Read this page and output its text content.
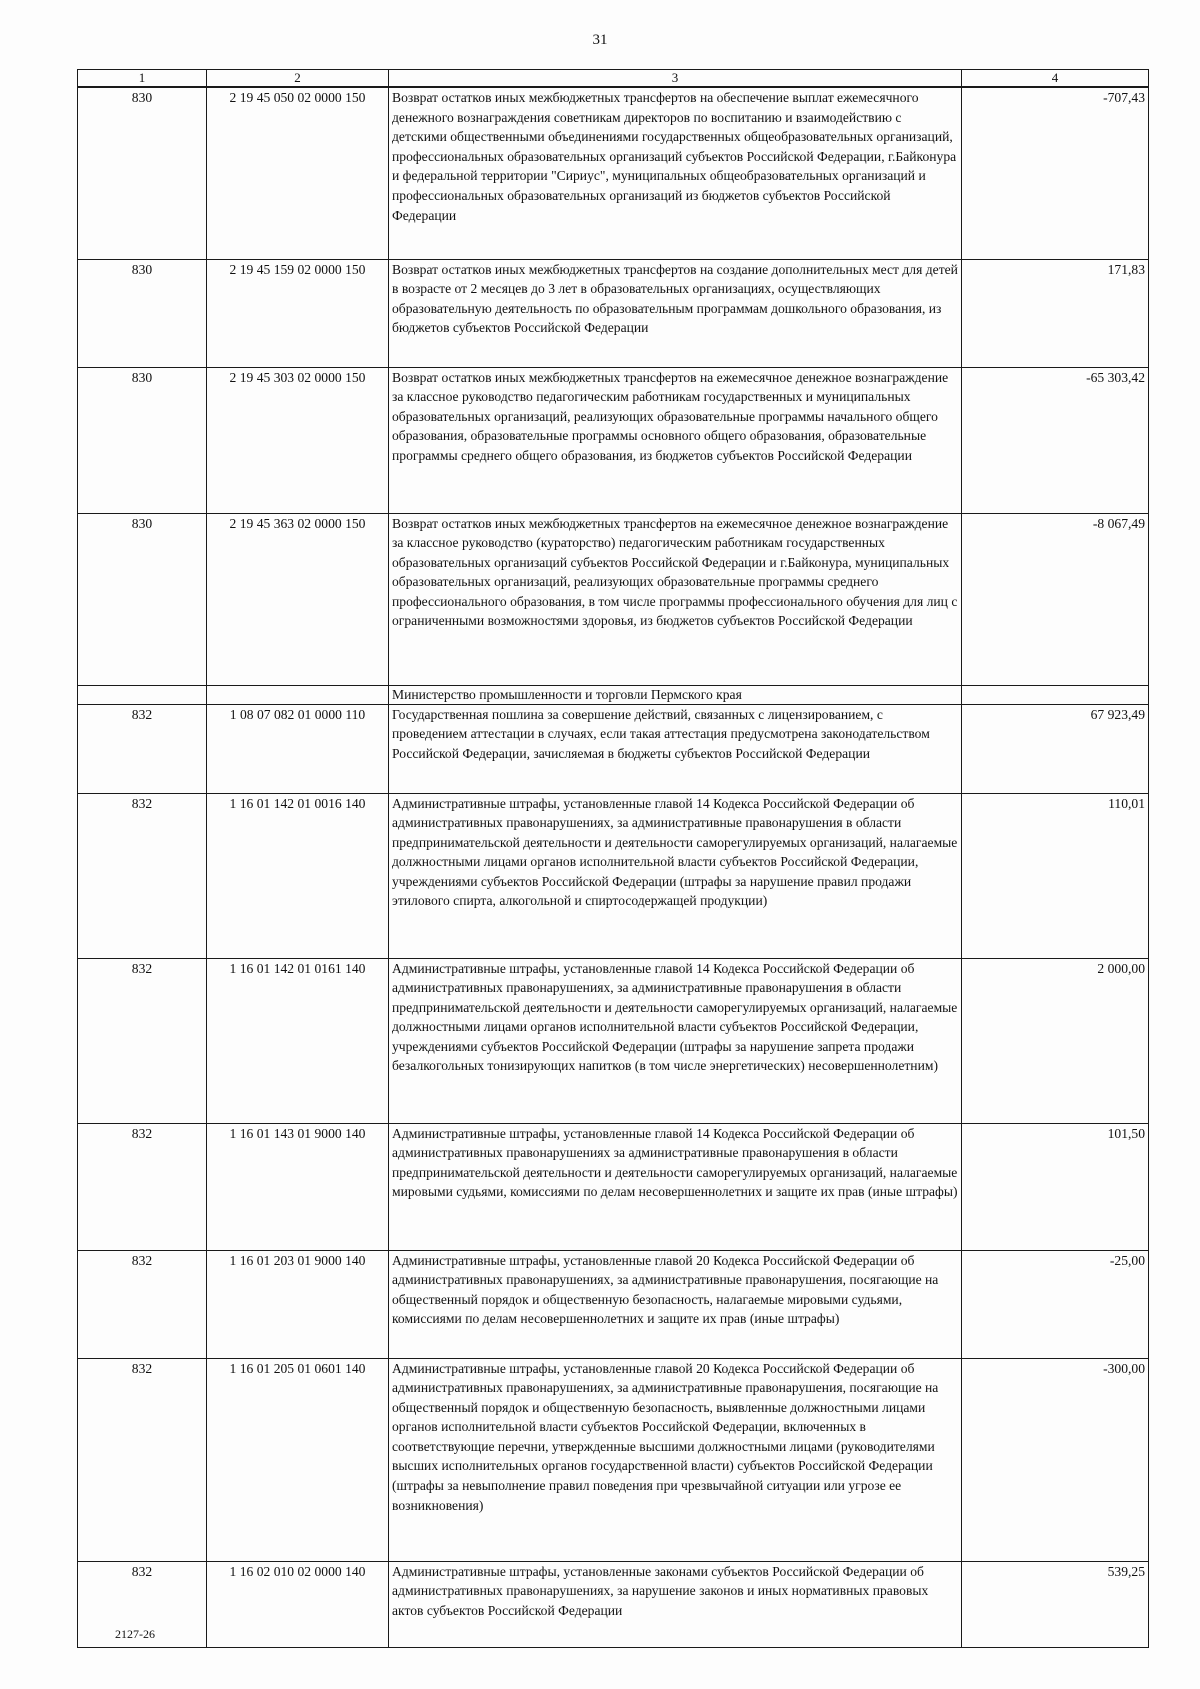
31
1	2	3	4
830	2 19 45 050 02 0000 150	Возврат остатков иных межбюджетных трансфертов на обеспечение выплат ежемесячного денежного вознаграждения советникам директоров по воспитанию и взаимодействию с детскими общественными объединениями государственных общеобразовательных организаций, профессиональных образовательных организаций субъектов Российской Федерации, г.Байконура и федеральной территории "Сириус", муниципальных общеобразовательных организаций и профессиональных образовательных организаций из бюджетов субъектов Российской Федерации	-707,43
830	2 19 45 159 02 0000 150	Возврат остатков иных межбюджетных трансфертов на создание дополнительных мест для детей в возрасте от 2 месяцев до 3 лет в образовательных организациях, осуществляющих образовательную деятельность по образовательным программам дошкольного образования, из бюджетов субъектов Российской Федерации	171,83
830	2 19 45 303 02 0000 150	Возврат остатков иных межбюджетных трансфертов на ежемесячное денежное вознаграждение за классное руководство педагогическим работникам государственных и муниципальных образовательных организаций, реализующих образовательные программы начального общего образования, образовательные программы основного общего образования, образовательные программы среднего общего образования, из бюджетов субъектов Российской Федерации	-65 303,42
830	2 19 45 363 02 0000 150	Возврат остатков иных межбюджетных трансфертов на ежемесячное денежное вознаграждение за классное руководство (кураторство) педагогическим работникам государственных образовательных организаций субъектов Российской Федерации и г.Байконура, муниципальных образовательных организаций, реализующих образовательные программы среднего профессионального образования, в том числе программы профессионального обучения для лиц с ограниченными возможностями здоровья, из бюджетов субъектов Российской Федерации	-8 067,49
		Министерство промышленности и торговли Пермского края	
832	1 08 07 082 01 0000 110	Государственная пошлина за совершение действий, связанных с лицензированием, с проведением аттестации в случаях, если такая аттестация предусмотрена законодательством Российской Федерации, зачисляемая в бюджеты субъектов Российской Федерации	67 923,49
832	1 16 01 142 01 0016 140	Административные штрафы, установленные главой 14 Кодекса Российской Федерации об административных правонарушениях, за административные правонарушения в области предпринимательской деятельности и деятельности саморегулируемых организаций, налагаемые должностными лицами органов исполнительной власти субъектов Российской Федерации, учреждениями субъектов Российской Федерации (штрафы за нарушение правил продажи этилового спирта, алкогольной и спиртосодержащей продукции)	110,01
832	1 16 01 142 01 0161 140	Административные штрафы, установленные главой 14 Кодекса Российской Федерации об административных правонарушениях, за административные правонарушения в области предпринимательской деятельности и деятельности саморегулируемых организаций, налагаемые должностными лицами органов исполнительной власти субъектов Российской Федерации, учреждениями субъектов Российской Федерации (штрафы за нарушение запрета продажи безалкогольных тонизирующих напитков (в том числе энергетических) несовершеннолетним)	2 000,00
832	1 16 01 143 01 9000 140	Административные штрафы, установленные главой 14 Кодекса Российской Федерации об административных правонарушениях за административные правонарушения в области предпринимательской деятельности и деятельности саморегулируемых организаций, налагаемые мировыми судьями, комиссиями по делам несовершеннолетних и защите их прав (иные штрафы)	101,50
832	1 16 01 203 01 9000 140	Административные штрафы, установленные главой 20 Кодекса Российской Федерации об административных правонарушениях, за административные правонарушения, посягающие на общественный порядок и общественную безопасность, налагаемые мировыми судьями, комиссиями по делам несовершеннолетних и защите их прав (иные штрафы)	-25,00
832	1 16 01 205 01 0601 140	Административные штрафы, установленные главой 20 Кодекса Российской Федерации об административных правонарушениях, за административные правонарушения, посягающие на общественный порядок и общественную безопасность, выявленные должностными лицами органов исполнительной власти субъектов Российской Федерации, включенных в соответствующие перечни, утвержденные высшими должностными лицами (руководителями высших исполнительных органов государственной власти) субъектов Российской Федерации (штрафы за невыполнение правил поведения при чрезвычайной ситуации или угрозе ее возникновения)	-300,00
832	1 16 02 010 02 0000 140	Административные штрафы, установленные законами субъектов Российской Федерации об административных правонарушениях, за нарушение законов и иных нормативных правовых актов субъектов Российской Федерации	539,25
2127-26
